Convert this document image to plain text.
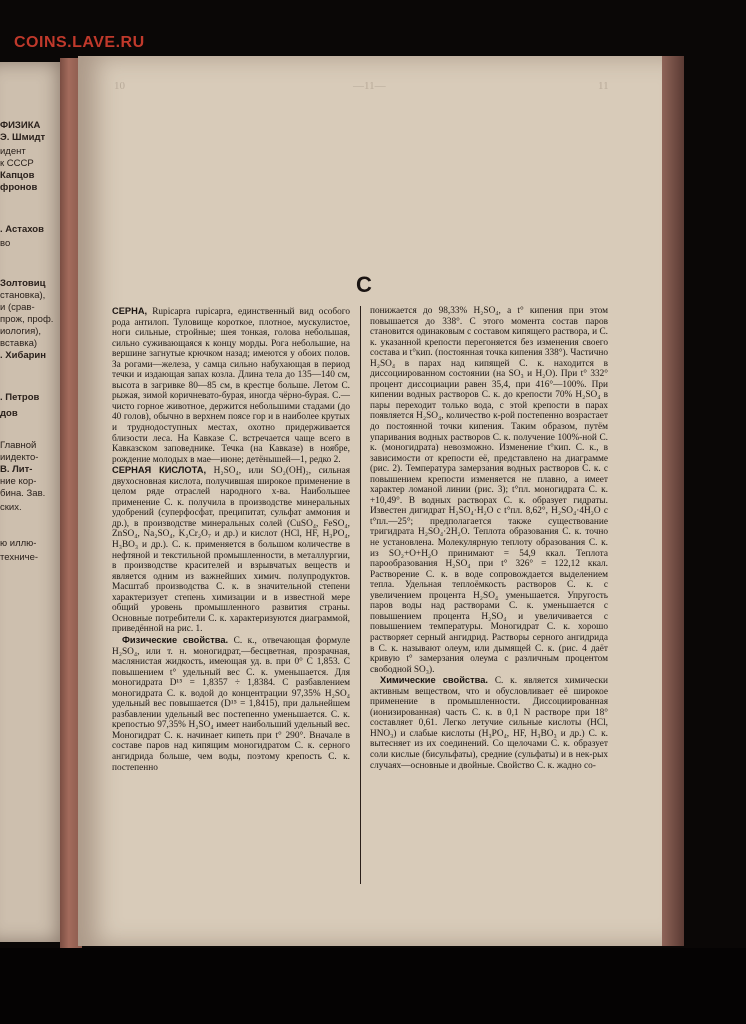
COINS.LAVE.RU
ФИЗИКА
Э. Шмидт
идент
к СССР
Капцов
фронов
. Астахов
во
Золтовиц
становка),
и (срав-
прож, проф.
иология),
вставка)
. Хибарин
. Петров
дов
Главной
иидекто-
В. Лит-
ние кор-
бина. Зав.
ских.
ю иллю-
техниче-
10	—11—	11
С

СЕРНА, Rupicapra rupicapra, единственный вид особого рода антилоп. Туловище короткое, плотное, мускулистое, ноги сильные, стройные; шея тонкая, голова небольшая, сильно суживающаяся к концу морды. Рога небольшие, на вершине загнутые крючком назад; имеются у обоих полов. За рогами—железа, у самца сильно набухающая в период течки и издающая запах козла. Длина тела до 135—140 см, высота в загривке 80—85 см, в крестце больше. Летом С. рыжая, зимой коричневато-бурая, иногда чёрно-бурая. С.—чисто горное животное, держится небольшими стадами (до 40 голов), обычно в верхнем поясе гор и в наиболее крутых и труднодоступных местах, охотно придерживается близости леса. На Кавказе С. встречается чаще всего в Кавказском заповеднике. Течка (на Кавказе) в ноябре, рождение молодых в мае—июне; детёнышей—1, редко 2.

СЕРНАЯ КИСЛОТА, H₂SO₄, или SO₂(OH)₂, сильная двухосновная кислота, получившая широкое применение в целом ряде отраслей народного х-ва. Наибольшее применение С. к. получила в производстве минеральных удобрений (суперфосфат, преципитат, сульфат аммония и др.), в производстве минеральных солей (CuSO₄, FeSO₄, ZnSO₄, Na₂SO₄, K₂Cr₂O₇ и др.) и кислот (HCl, HF, H₃PO₄, H₃BO₃ и др.). С. к. применяется в большом количестве в нефтяной и текстильной промышленности, в металлургии, в производстве красителей и взрывчатых веществ и является одним из важнейших химич. полупродуктов. Масштаб производства С. к. в значительной степени характеризует степень химизации и в известной мере общий уровень промышленного развития страны. Основные потребители С. к. характеризуются диаграммой, приведённой на рис. 1.

Физические свойства. С. к., отвечающая формуле H₂SO₄, или т. н. моногидрат,—бесцветная, прозрачная, маслянистая жидкость, имеющая уд. в. при 0° С 1,853. С повышением t° удельный вес С. к. уменьшается. Для моногидрата D¹⁵ = 1,8357 ÷ 1,8384. С разбавлением моногидрата С. к. водой до концентрации 97,35% H₂SO₄ удельный вес повышается (D¹⁵ = 1,8415), при дальнейшем разбавлении удельный вес постепенно уменьшается. С. к. крепостью 97,35% H₂SO₄ имеет наибольший удельный вес. Моногидрат С. к. начинает кипеть при t° 290°. Вначале в составе паров над кипящим моногидратом С. к. серного ангидрида больше, чем воды, поэтому крепость С. к. постепенно

понижается до 98,33% H₂SO₄, а t° кипения при этом повышается до 338°. С этого момента состав паров становится одинаковым с составом кипящего раствора, и С. к. указанной крепости перегоняется без изменения своего состава и t°кип. (постоянная точка кипения 338°). Частично H₂SO₄ в парах над кипящей С. к. находится в диссоциированном состоянии (на SO₃ и H₂O). При t° 332° процент диссоциации равен 35,4, при 416°—100%. При кипении водных растворов С. к. до крепости 70% H₂SO₄ в пары переходит только вода, с этой крепости в парах появляется H₂SO₄, количество к-рой постепенно возрастает до постоянной точки кипения. Таким образом, путём упаривания водных растворов С. к. получение 100%-ной С. к. (моногидрата) невозможно. Изменение t°кип. С. к., в зависимости от крепости её, представлено на диаграмме (рис. 2). Температура замерзания водных растворов С. к. с повышением крепости изменяется не плавно, а имеет характер ломаной линии (рис. 3); t°пл. моногидрата С. к. +10,49°. В водных растворах С. к. образует гидраты. Известен дигидрат H₂SO₄·H₂O с t°пл. 8,62°, H₂SO₄·4H₂O с t°пл.—25°; предполагается также существование тригидрата H₂SO₄·2H₂O. Теплота образования С. к. точно не установлена. Молекулярную теплоту образования С. к. из SO₂+O+H₂O принимают = 54,9 ккал. Теплота парообразования H₂SO₄ при t° 326° = 122,12 ккал. Растворение С. к. в воде сопровождается выделением тепла. Удельная теплоёмкость растворов С. к. с увеличением процента H₂SO₄ уменьшается. Упругость паров воды над растворами С. к. уменьшается с повышением процента H₂SO₄ и увеличивается с повышением температуры. Моногидрат С. к. хорошо растворяет серный ангидрид. Растворы серного ангидрида в С. к. называют олеум, или дымящей С. к. (рис. 4 даёт кривую t° замерзания олеума с различным процентом свободной SO₃).

Химические свойства. С. к. является химически активным веществом, что и обусловливает её широкое применение в промышленности. Диссоциированная (ионизированная) часть С. к. в 0,1 N растворе при 18° составляет 0,61. Легко летучие сильные кислоты (HCl, HNO₃) и слабые кислоты (H₃PO₄, HF, H₃BO₃ и др.) С. к. вытесняет из их соединений. Со щелочами С. к. образует соли кислые (бисульфаты), средние (сульфаты) и в нек-рых случаях—основные и двойные. Свойство С. к. жадно со-
